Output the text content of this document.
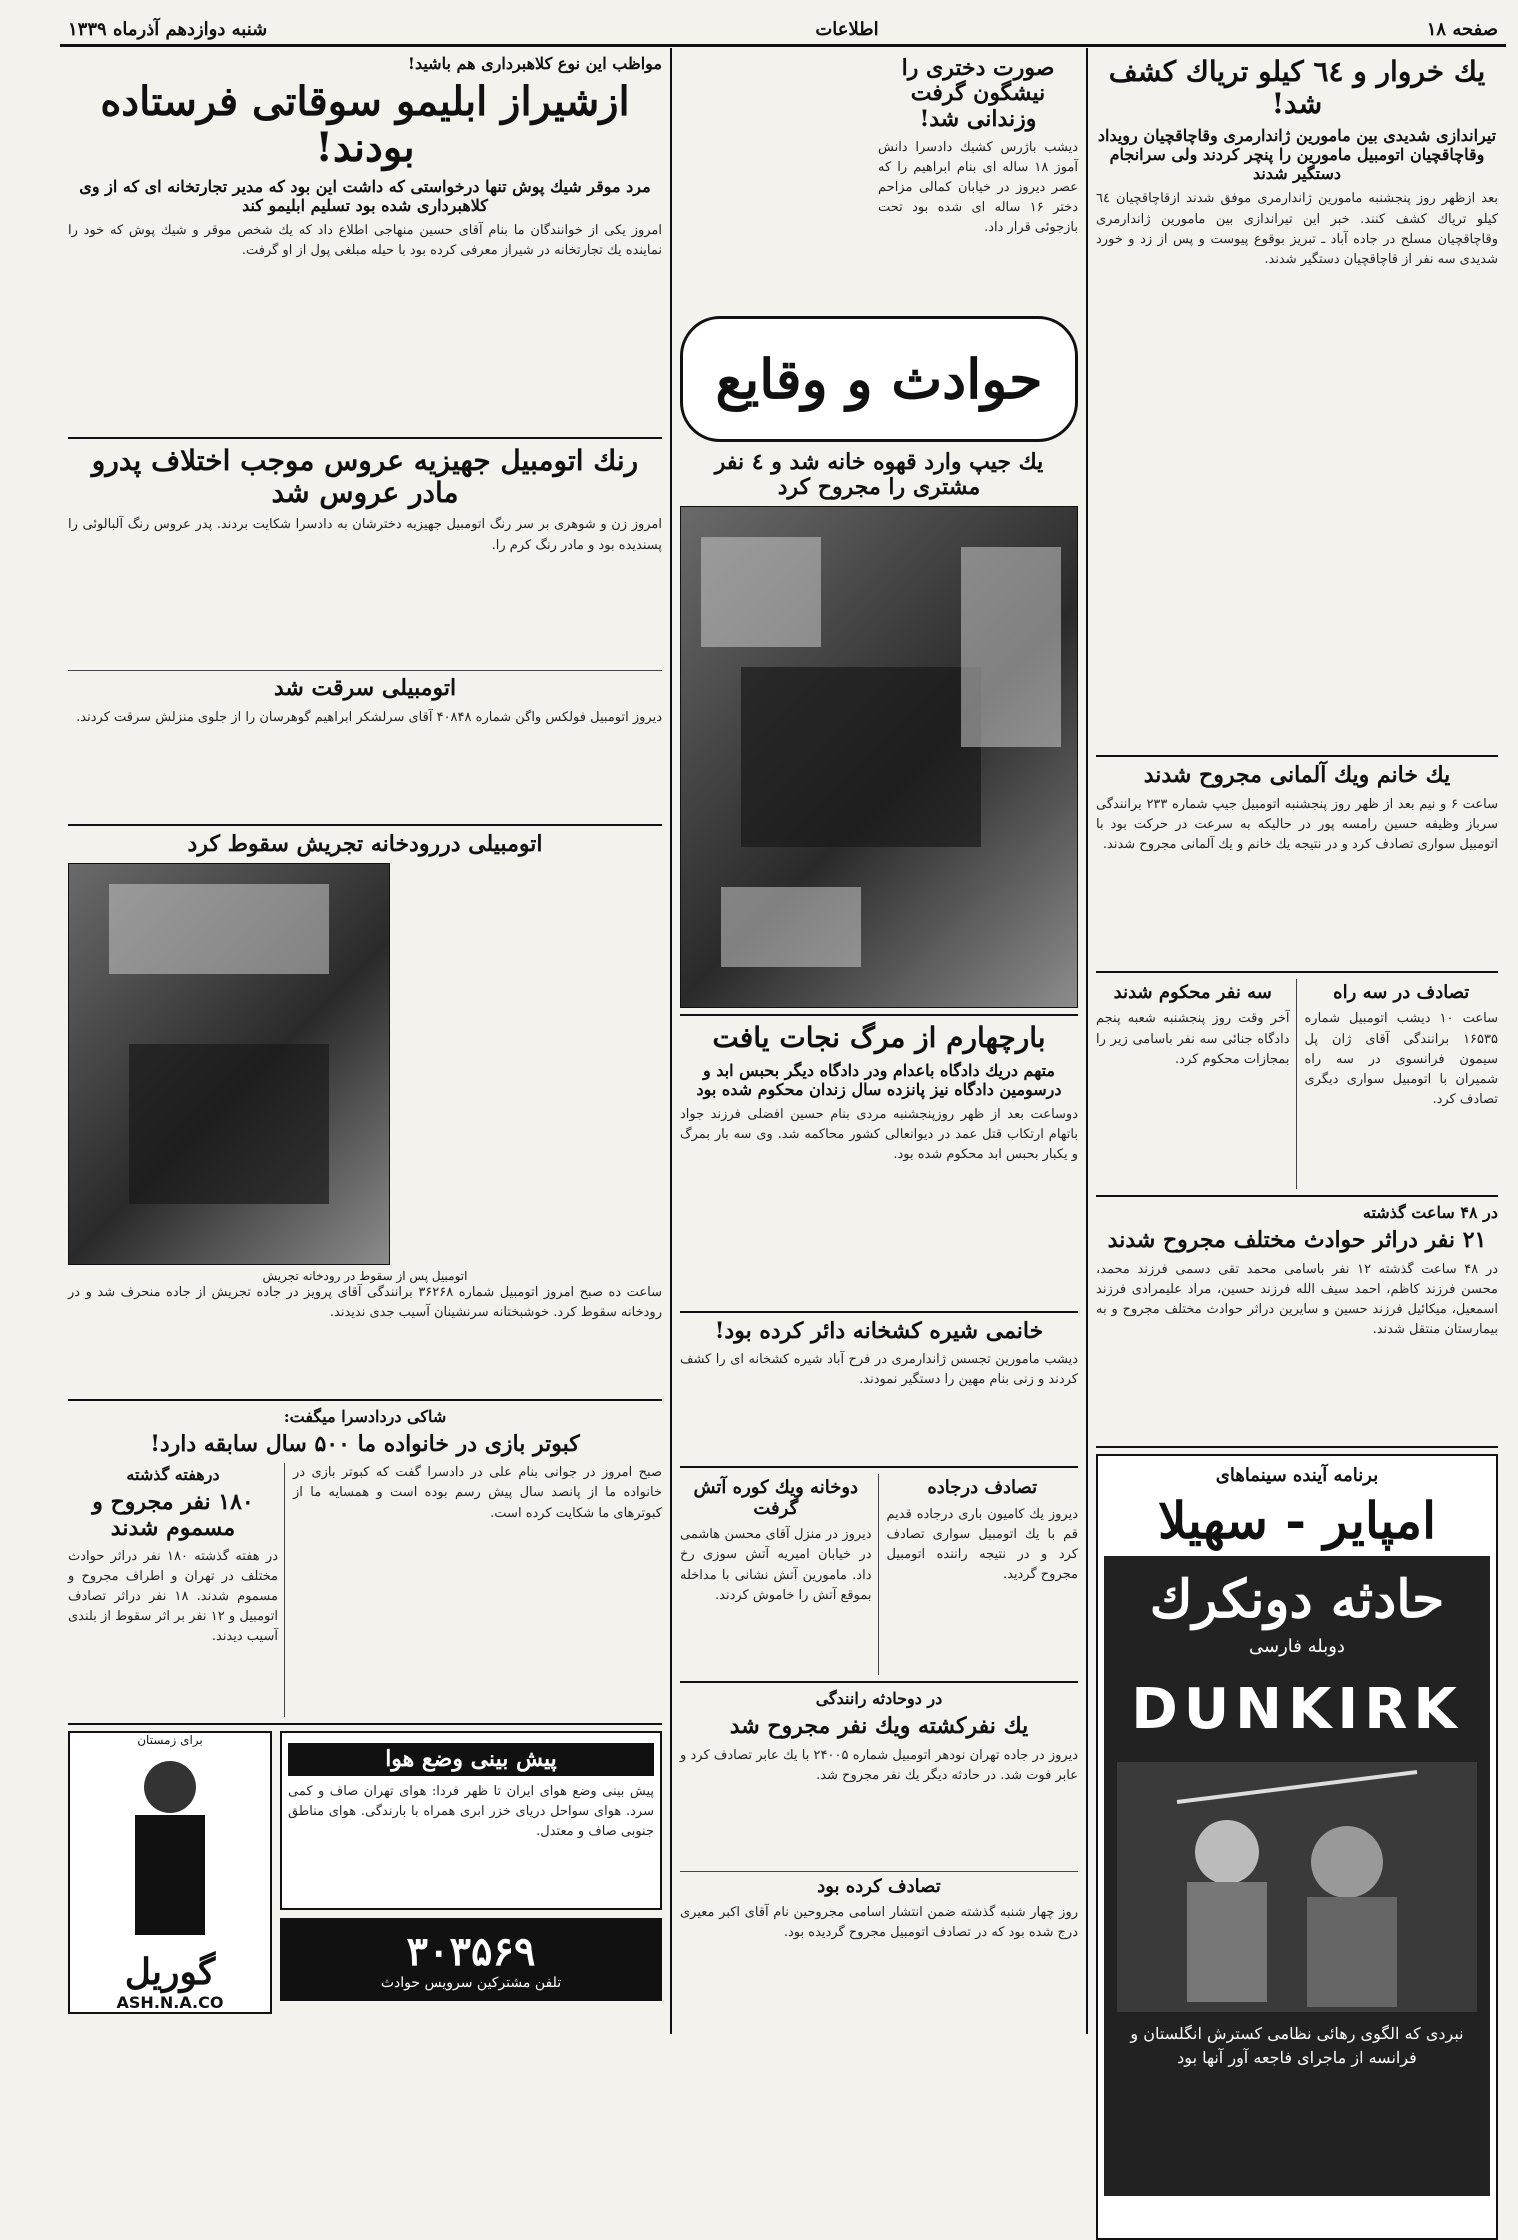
صفحه ۱۸
اطلاعات
شنبه دوازدهم آذرماه ۱۳۳۹
یك خروار و ٦٤ كیلو تریاك كشف شد!
تیراندازی شدیدی بین مامورین ژاندارمری وقاچاقچیان رویداد وقاچاقچیان اتومبیل مامورین را پنچر كردند ولی سرانجام دستگیر شدند
بعد ازظهر روز پنجشنبه مامورین ژاندارمری موفق شدند ازقاچاقچیان ٦٤ كیلو تریاك كشف كنند. خبر این تیراندازی بین مامورین ژاندارمری وقاچاقچیان مسلح در جاده آباد ـ تبریز بوقوع پیوست و پس از زد و خورد شدیدی سه نفر از قاچاقچیان دستگیر شدند.
یك خانم ویك آلمانی مجروح شدند
ساعت ۶ و نیم بعد از ظهر روز پنجشنبه اتومبیل جیپ شماره ۲۳۳ برانندگی سرباز وظیفه حسین رامسه پور در حالیكه به سرعت در حركت بود با اتومبیل سواری تصادف كرد و در نتیجه یك خانم و یك آلمانی مجروح شدند.
تصادف در سه راه
ساعت ۱۰ دیشب اتومبیل شماره ۱۶۵۳۵ برانندگی آقای ژان پل سیمون فرانسوی در سه راه شمیران با اتومبیل سواری دیگری تصادف كرد.
سه نفر محكوم شدند
آخر وقت روز پنجشنبه شعبه پنجم دادگاه جنائی سه نفر باسامی زیر را بمجازات محكوم كرد.
در ۴۸ ساعت گذشته
۲۱ نفر دراثر حوادث مختلف مجروح شدند
در ۴۸ ساعت گذشته ۱۲ نفر باسامی محمد تقی دسمی فرزند محمد، محسن فرزند كاظم، احمد سیف الله فرزند حسین، مراد علیمرادی فرزند اسمعیل، میكائیل فرزند حسین و سایرین دراثر حوادث مختلف مجروح و به بیمارستان منتقل شدند.
برنامه آینده سینماهای
امپایر - سهیلا
حادثه دونكرك
دوبله فارسی
DUNKIRK
نبردی كه الگوی رهائی نظامی كسترش انگلستان و فرانسه از ماجرای فاجعه آور آنها بود
صورت دختری را نیشگون گرفت وزندانی شد!
دیشب باژرس كشیك دادسرا دانش آموز ۱۸ ساله ای بنام ابراهیم را كه عصر دیروز در خیابان كمالی مزاحم دختر ۱۶ ساله ای شده بود تحت بازجوئی قرار داد.
حوادث و وقایع
یك جیپ وارد قهوه خانه شد و ٤ نفر مشتری را مجروح كرد
بارچهارم از مرگ نجات یافت
متهم دریك دادگاه باعدام ودر دادگاه دیگر بحبس ابد و درسومین دادگاه نیز پانزده سال زندان محكوم شده بود
دوساعت بعد از ظهر روزپنجشنبه مردی بنام حسین افضلی فرزند جواد باتهام ارتكاب قتل عمد در دیوانعالی كشور محاكمه شد. وی سه بار بمرگ و یكبار بحبس ابد محكوم شده بود.
خانمی شیره كشخانه دائر كرده بود!
دیشب مامورین تجسس ژاندارمری در فرح آباد شیره كشخانه ای را كشف كردند و زنی بنام مهین را دستگیر نمودند.
تصادف درجاده
دیروز یك كامیون باری درجاده قدیم قم با یك اتومبیل سواری تصادف كرد و در نتیجه راننده اتومبیل مجروح گردید.
دوخانه ویك كوره آتش گرفت
دیروز در منزل آقای محسن هاشمی در خیابان امیریه آتش سوزی رخ داد. مامورین آتش نشانی با مداخله بموقع آتش را خاموش كردند.
در دوحادثه رانندگی
یك نفركشته ویك نفر مجروح شد
دیروز در جاده تهران نودهر اتومبیل شماره ۲۴۰۰۵ با یك عابر تصادف كرد و عابر فوت شد. در حادثه دیگر یك نفر مجروح شد.
تصادف كرده بود
روز چهار شنبه گذشته ضمن انتشار اسامی مجروحین نام آقای اكبر معیری درج شده بود كه در تصادف اتومبیل مجروح گردیده بود.
مواظب این نوع كلاهبرداری هم باشید!
ازشیراز ابلیمو سوقاتی فرستاده بودند!
مرد موقر شیك پوش تنها درخواستی كه داشت این بود كه مدیر تجارتخانه ای كه از وی كلاهبرداری شده بود تسلیم ابلیمو كند
امروز یكی از خوانندگان ما بنام آقای حسین منهاجی اطلاع داد كه یك شخص موقر و شیك پوش كه خود را نماینده یك تجارتخانه در شیراز معرفی كرده بود با حیله مبلغی پول از او گرفت.
رنك اتومبیل جهیزیه عروس موجب اختلاف پدرو مادر عروس شد
امروز زن و شوهری بر سر رنگ اتومبیل جهیزیه دخترشان به دادسرا شكایت بردند. پدر عروس رنگ آلبالوئی را پسندیده بود و مادر رنگ كرم را.
اتومبیلی سرقت شد
دیروز اتومبیل فولكس واگن شماره ۴۰۸۴۸ آقای سرلشكر ابراهیم گوهرسان را از جلوی منزلش سرقت كردند.
اتومبیلی دررودخانه تجریش سقوط كرد
اتومبیل پس از سقوط در رودخانه تجریش
ساعت ده صبح امروز اتومبیل شماره ۳۶۲۶۸ برانندگی آقای پرویز در جاده تجریش از جاده منحرف شد و در رودخانه سقوط كرد. خوشبختانه سرنشینان آسیب جدی ندیدند.
شاكی دردادسرا میگفت:
كبوتر بازی در خانواده ما ۵۰۰ سال سابقه دارد!
صبح امروز در جوانی بنام علی در دادسرا گفت كه كبوتر بازی در خانواده ما از پانصد سال پیش رسم بوده است و همسایه ما از كبوترهای ما شكایت كرده است.
درهفته گذشته
۱۸۰ نفر مجروح و مسموم شدند
در هفته گذشته ۱۸۰ نفر دراثر حوادث مختلف در تهران و اطراف مجروح و مسموم شدند. ۱۸ نفر دراثر تصادف اتومبیل و ۱۲ نفر بر اثر سقوط از بلندی آسیب دیدند.
پیش بینی وضع هوا
پیش بینی وضع هوای ایران تا ظهر فردا: هوای تهران صاف و كمی سرد. هوای سواحل دریای خزر ابری همراه با بارندگی. هوای مناطق جنوبی صاف و معتدل.
۳۰۳۵۶۹
تلفن مشترکین سرویس حوادث
برای زمستان
گوریل
ASH.N.A.CO
